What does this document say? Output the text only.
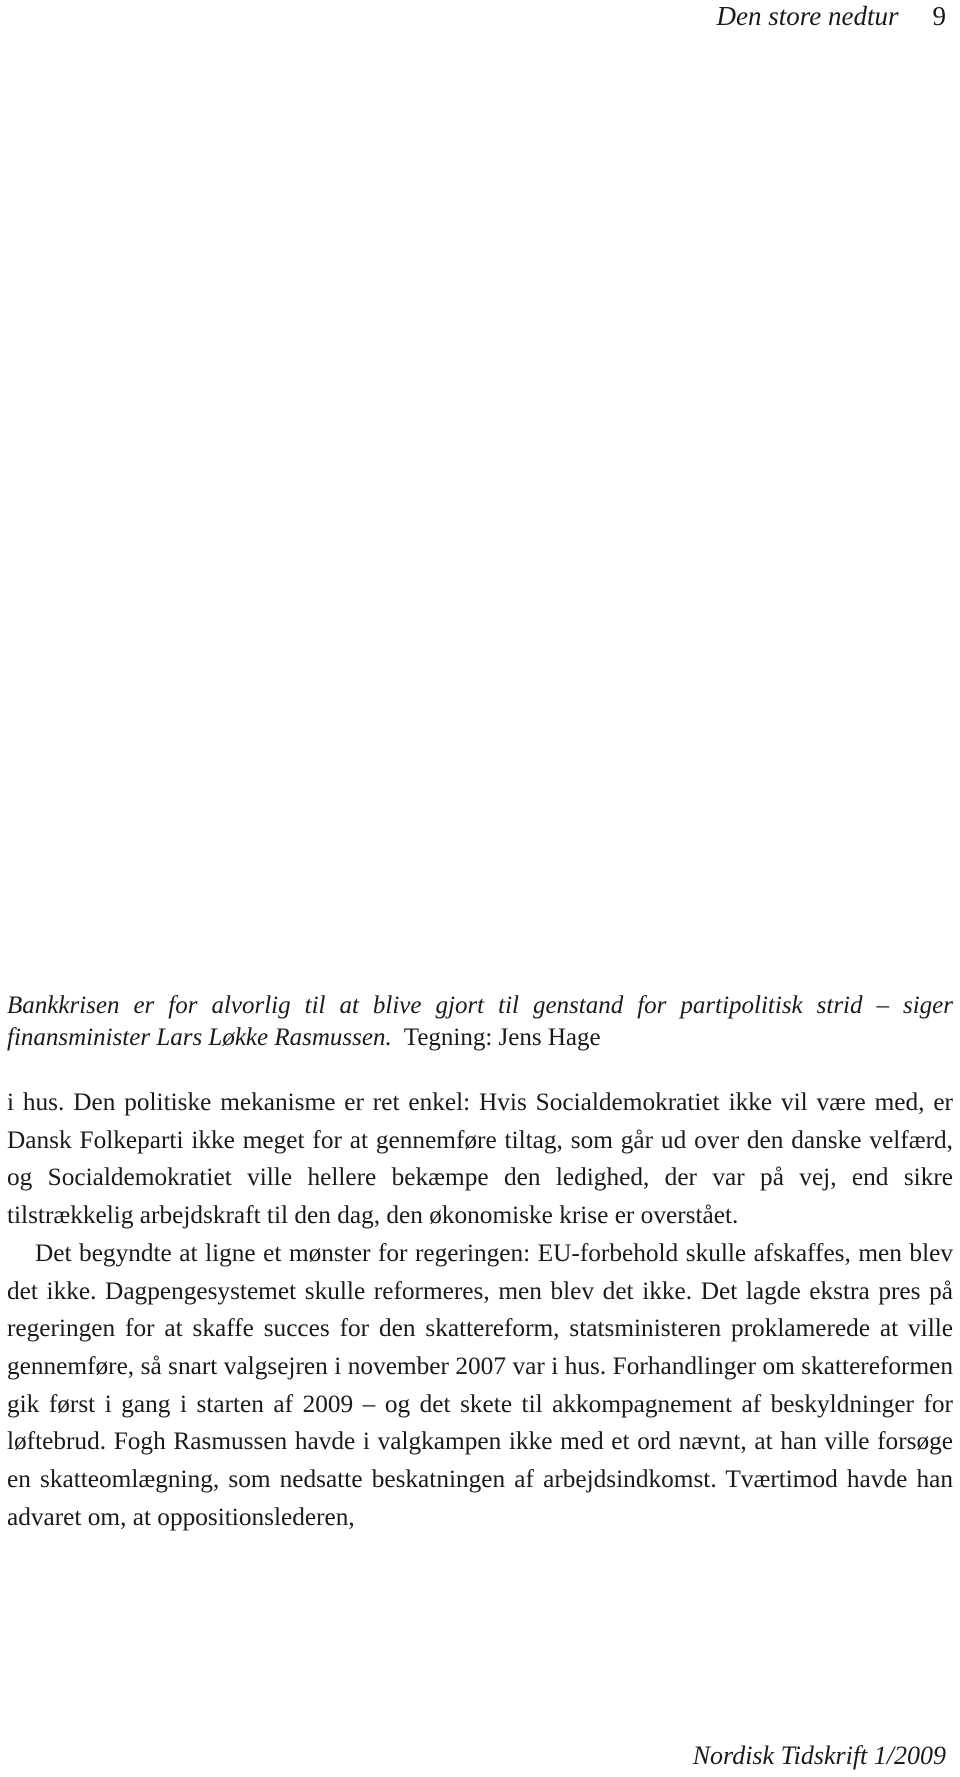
Den store nedtur 9
Bankkrisen er for alvorlig til at blive gjort til genstand for partipolitisk strid – siger finansminister Lars Løkke Rasmussen. Tegning: Jens Hage

i hus. Den politiske mekanisme er ret enkel: Hvis Socialdemokratiet ikke vil være med, er Dansk Folkeparti ikke meget for at gennemføre tiltag, som går ud over den danske velfærd, og Socialdemokratiet ville hellere bekæmpe den ledighed, der var på vej, end sikre tilstrækkelig arbejdskraft til den dag, den økonomiske krise er overstået.

Det begyndte at ligne et mønster for regeringen: EU-forbehold skulle afskaffes, men blev det ikke. Dagpengesystemet skulle reformeres, men blev det ikke. Det lagde ekstra pres på regeringen for at skaffe succes for den skattereform, statsministeren proklamerede at ville gennemføre, så snart valgsejren i november 2007 var i hus. Forhandlinger om skattereformen gik først i gang i starten af 2009 – og det skete til akkompagnement af beskyldninger for løftebrud. Fogh Rasmussen havde i valgkampen ikke med et ord nævnt, at han ville forsøge en skatteomlægning, som nedsatte beskatningen af arbejdsindkomst. Tværtimod havde han advaret om, at oppositionslederen,

Nordisk Tidskrift 1/2009
